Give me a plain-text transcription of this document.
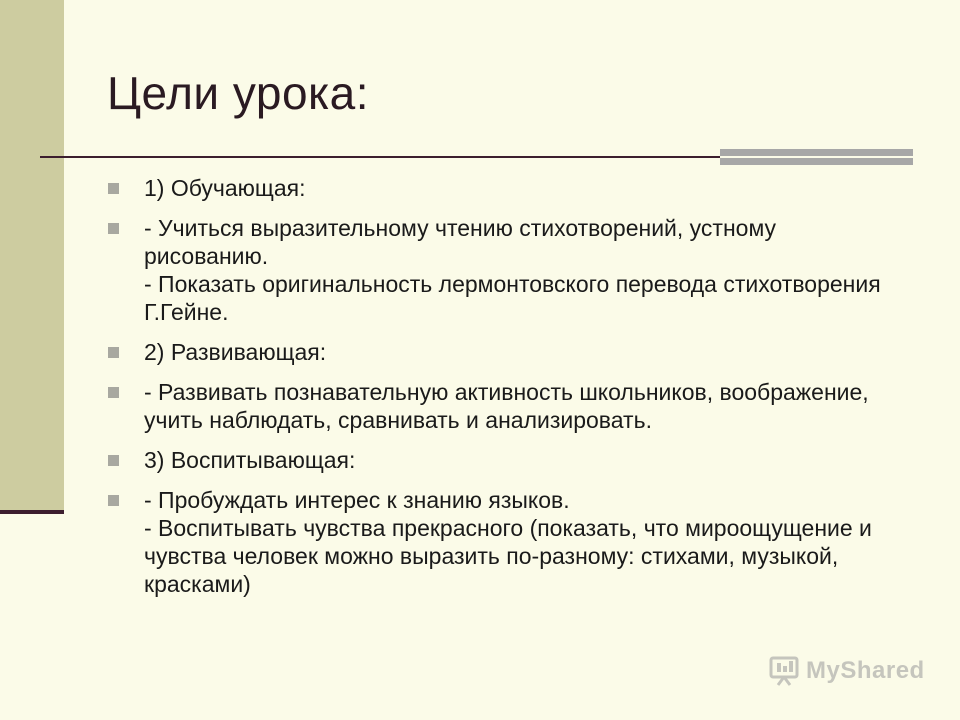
Цели урока:
1) Обучающая:
- Учиться выразительному чтению стихотворений, устному рисованию.
- Показать оригинальность лермонтовского перевода стихотворения Г.Гейне.
2) Развивающая:
- Развивать познавательную активность школьников, воображение, учить наблюдать, сравнивать и анализировать.
3) Воспитывающая:
- Пробуждать интерес к знанию языков.
- Воспитывать чувства прекрасного (показать, что мироощущение и чувства человек можно выразить по-разному: стихами, музыкой, красками)
MyShared
